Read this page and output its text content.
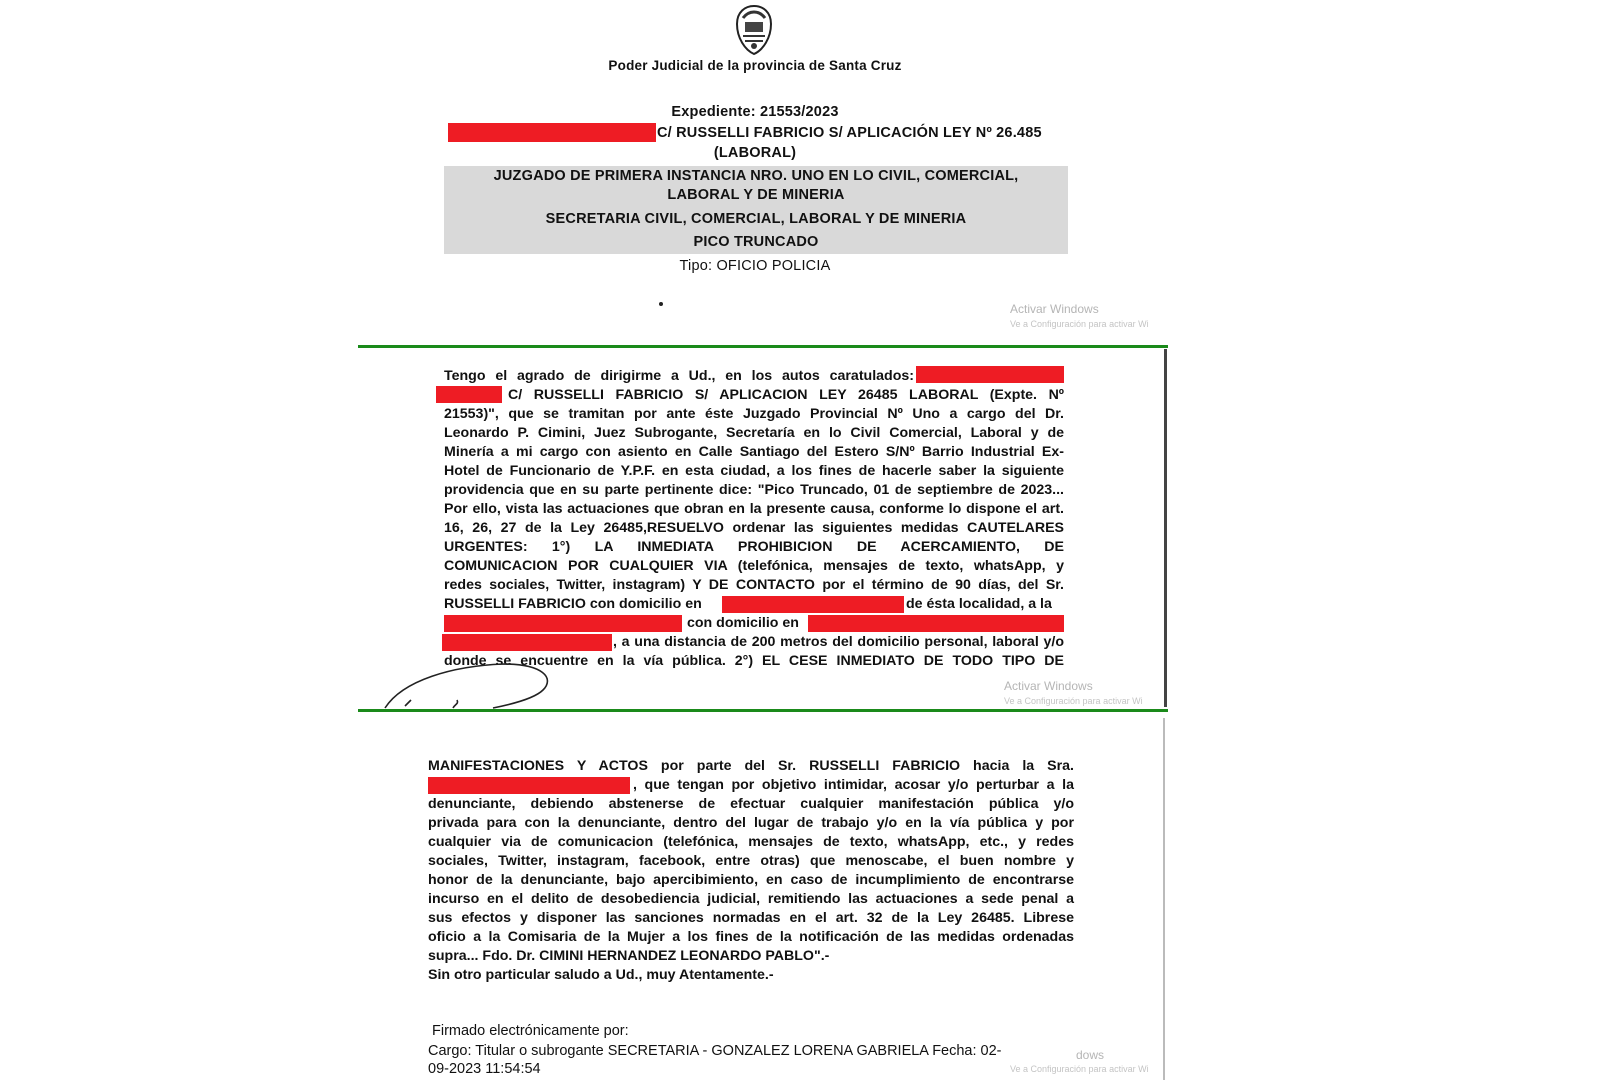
Poder Judicial de la provincia de Santa Cruz
Expediente: 21553/2023
C/ RUSSELLI FABRICIO S/ APLICACIÓN LEY Nº 26.485
(LABORAL)
JUZGADO DE PRIMERA INSTANCIA NRO. UNO EN LO CIVIL, COMERCIAL,
LABORAL Y DE MINERIA
SECRETARIA CIVIL, COMERCIAL, LABORAL Y DE MINERIA
PICO TRUNCADO
Tipo: OFICIO POLICIA
Activar Windows
Ve a Configuración para activar Wi
Tengo el agrado de dirigirme a Ud., en los autos caratulados:
C/ RUSSELLI FABRICIO S/ APLICACION LEY 26485 LABORAL (Expte. Nº
21553)", que se tramitan por ante éste Juzgado Provincial Nº Uno a cargo del Dr.
Leonardo P. Cimini, Juez Subrogante, Secretaría en lo Civil Comercial, Laboral y de
Minería a mi cargo con asiento en Calle Santiago del Estero S/Nº Barrio Industrial Ex-
Hotel de Funcionario de Y.P.F. en esta ciudad, a los fines de hacerle saber la siguiente
providencia que en su parte pertinente dice: "Pico Truncado, 01 de septiembre de 2023...
Por ello, vista las actuaciones que obran en la presente causa, conforme lo dispone el art.
16, 26, 27 de la Ley 26485,RESUELVO ordenar las siguientes medidas CAUTELARES
URGENTES: 1°) LA INMEDIATA PROHIBICION DE ACERCAMIENTO, DE
COMUNICACION POR CUALQUIER VIA (telefónica, mensajes de texto, whatsApp, y
redes sociales, Twitter, instagram) Y DE CONTACTO por el término de 90 días, del Sr.
donde se encuentre en la vía pública. 2°) EL CESE INMEDIATO DE TODO TIPO DE
RUSSELLI FABRICIO con domicilio en	de ésta localidad, a la
con domicilio en
, a una distancia de 200 metros del domicilio personal, laboral y/o
Activar Windows
Ve a Configuración para activar Wi
MANIFESTACIONES Y ACTOS por parte del Sr. RUSSELLI FABRICIO hacia la Sra.
, que tengan por objetivo intimidar, acosar y/o perturbar a la
denunciante, debiendo abstenerse de efectuar cualquier manifestación pública y/o
privada para con la denunciante, dentro del lugar de trabajo y/o en la vía pública y por
cualquier via de comunicacion (telefónica, mensajes de texto, whatsApp, etc., y redes
sociales, Twitter, instagram, facebook, entre otras) que menoscabe, el buen nombre y
honor de la denunciante, bajo apercibimiento, en caso de incumplimiento de encontrarse
incurso en el delito de desobediencia judicial, remitiendo las actuaciones a sede penal a
sus efectos y disponer las sanciones normadas en el art. 32 de la Ley 26485. Librese
oficio a la Comisaria de la Mujer a los fines de la notificación de las medidas ordenadas
supra... Fdo. Dr. CIMINI HERNANDEZ LEONARDO PABLO".-
Sin otro particular saludo a Ud., muy Atentamente.-
Firmado electrónicamente por:
Cargo: Titular o subrogante SECRETARIA - GONZALEZ LORENA GABRIELA Fecha: 02-
09-2023 11:54:54
dows
Ve a Configuración para activar Wi
